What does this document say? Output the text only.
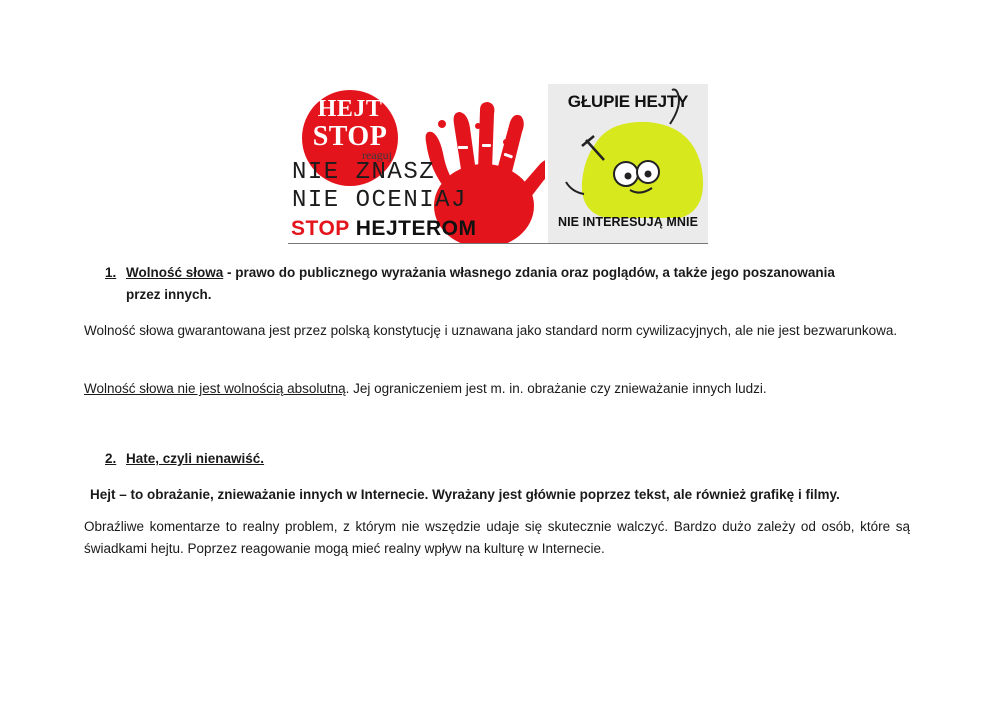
HEJT
STOP
reaguj
NIE ZNASZ
NIE OCENIAJ
STOP HEJTEROM
GŁUPIE HEJTY
NIE INTERESUJĄ MNIE
1. Wolność słowa - prawo do publicznego wyrażania własnego zdania oraz poglądów, a także jego poszanowania
przez innych.

Wolność słowa gwarantowana jest przez polską konstytucję i uznawana jako standard norm cywilizacyjnych, ale nie jest bezwarunkowa.

Wolność słowa nie jest wolnością absolutną. Jej ograniczeniem jest m. in. obrażanie czy znieważanie innych ludzi.

2. Hate, czyli nienawiść.
Hejt – to obrażanie, znieważanie innych w Internecie. Wyrażany jest głównie poprzez tekst, ale również grafikę i filmy.

Obraźliwe komentarze to realny problem, z którym nie wszędzie udaje się skutecznie walczyć. Bardzo dużo zależy od osób, które są świadkami hejtu. Poprzez reagowanie mogą mieć realny wpływ na kulturę w Internecie.
